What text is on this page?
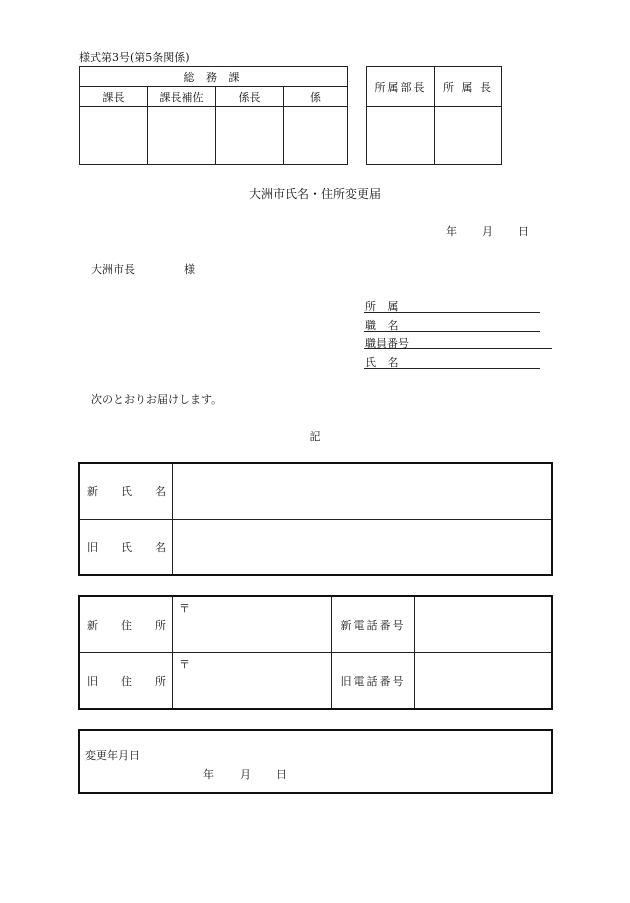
様式第3号(第5条関係)
総 務 課			
課長	課長補佐	係長	係

所属部長	所 属 長

大洲市氏名・住所変更届
年 月 日
大洲市長	様
所 属
職 名
職員番号
氏 名
次のとおりお届けします。
記
新 氏 名	

旧 氏 名	

新 住 所	〒	新電話番号	

旧 住 所	〒	旧電話番号	
変更年月日
年 月 日
